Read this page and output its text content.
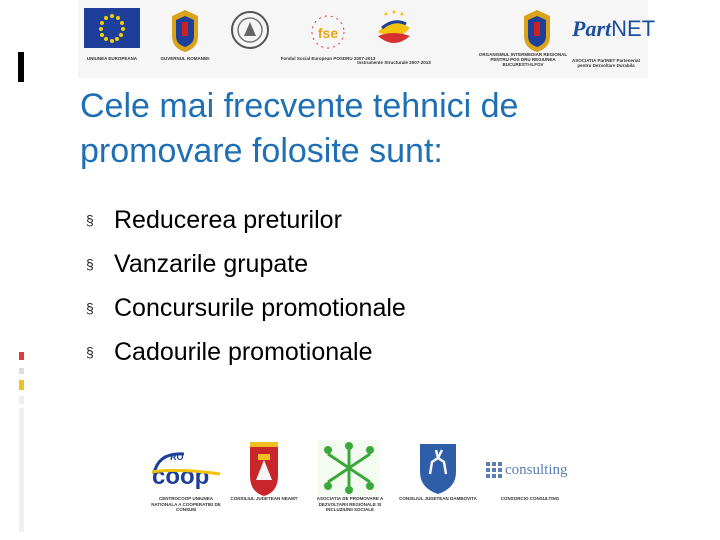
UNIUNEA EUROPEANA	GUVERNUL ROMANIEI
fse
Fondul Social European POSDRU 2007-2013
Instrumente Structurale 2007-2013
ORGANISMUL INTERMEDIAR REGIONAL PENTRU POS DRU REGIUNEA BUCURESTI-ILFOV
PartNET
ASOCIATIA PartNET Parteneriat pentru Dezvoltare Durabila
Cele mai frecvente tehnici de promovare folosite sunt:
§ Reducerea preturilor
§ Vanzarile grupate
§ Concursurile promotionale
§ Cadourile promotionale
RO
coop
CENTROCOOP UNIUNEA NATIONALA A COOPERATIEI DE CONSUM
CONSILIUL JUDETEAN NEAMT	ASOCIATIA DE PROMOVARE A DEZVOLTARII REGIONALE SI INCLUZIUNII SOCIALE
CONSILIUL JUDETEAN DAMBOVITA
consulting
CONSORCIO CONSULTING
